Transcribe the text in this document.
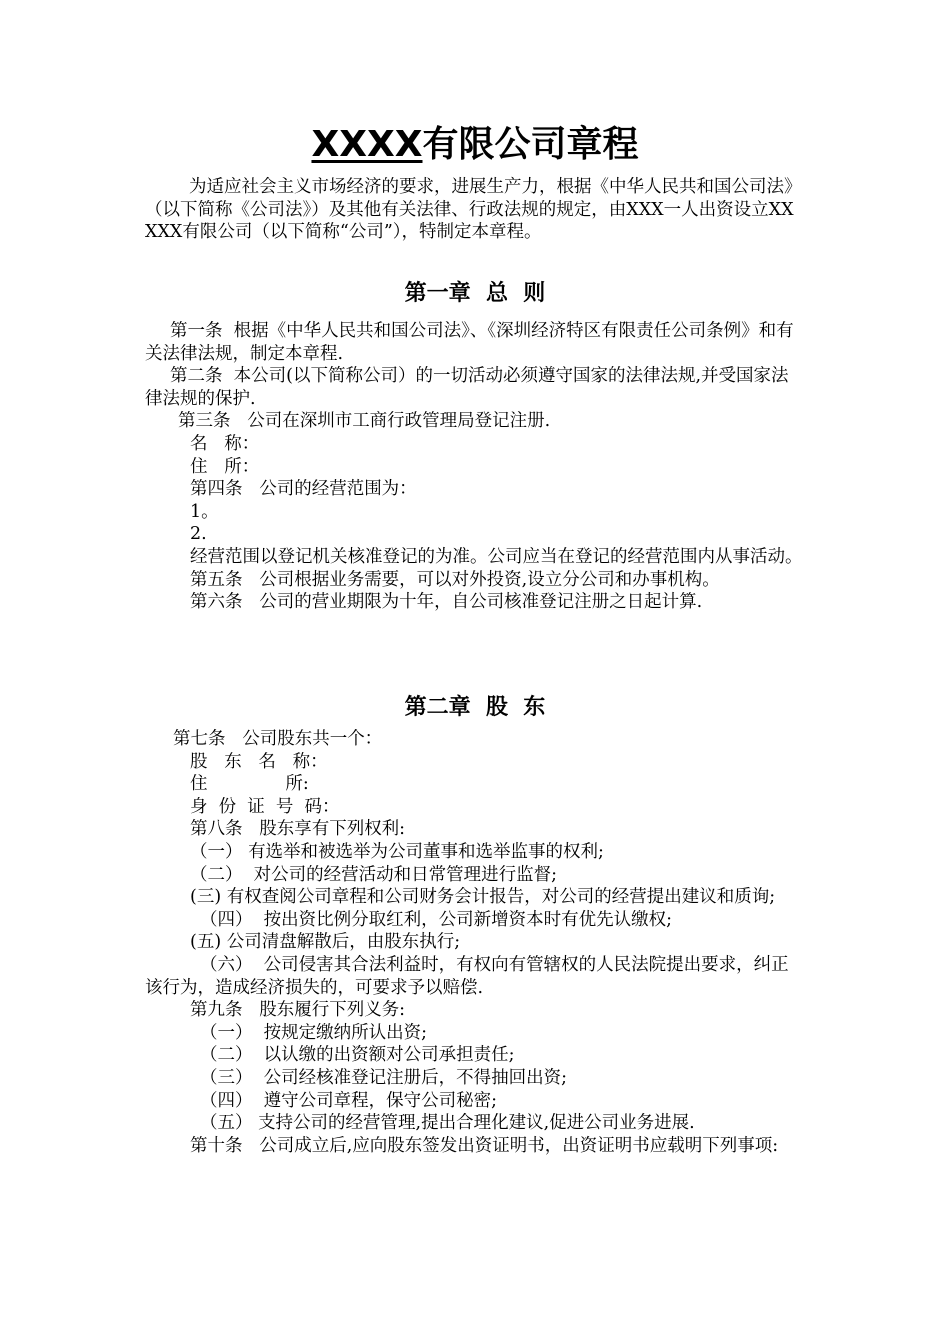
XXXX有限公司章程

为适应社会主义市场经济的要求，进展生产力，根据《中华人民共和国公司法》（以下简称《公司法》）及其他有关法律、行政法规的规定，由XXX一人出资设立XXXXX有限公司（以下简称“公司”），特制定本章程。

第一章  总  则

第一条  根据《中华人民共和国公司法》、《深圳经济特区有限责任公司条例》和有关法律法规，制定本章程.

第二条  本公司(以下简称公司）的一切活动必须遵守国家的法律法规,并受国家法律法规的保护.

第三条   公司在深圳市工商行政管理局登记注册.

名   称：

住   所：

第四条   公司的经营范围为：

1。

2.

经营范围以登记机关核准登记的为准。公司应当在登记的经营范围内从事活动。

第五条   公司根据业务需要，可以对外投资,设立分公司和办事机构。

第六条   公司的营业期限为十年，自公司核准登记注册之日起计算.

第二章  股  东

第七条   公司股东共一个：

股   东   名   称：

住              所:

身  份  证  号  码：

第八条   股东享有下列权利:

（一） 有选举和被选举为公司董事和选举监事的权利;

（二）  对公司的经营活动和日常管理进行监督;

(三) 有权查阅公司章程和公司财务会计报告，对公司的经营提出建议和质询;

（四）  按出资比例分取红利，公司新增资本时有优先认缴权;

(五) 公司清盘解散后，由股东执行;

（六）  公司侵害其合法利益时，有权向有管辖权的人民法院提出要求，纠正该行为，造成经济损失的，可要求予以赔偿.

第九条   股东履行下列义务:

（一）  按规定缴纳所认出资;

（二）  以认缴的出资额对公司承担责任;

（三）  公司经核准登记注册后，不得抽回出资;

（四）  遵守公司章程，保守公司秘密;

（五） 支持公司的经营管理,提出合理化建议,促进公司业务进展.

第十条   公司成立后,应向股东签发出资证明书，出资证明书应载明下列事项:
